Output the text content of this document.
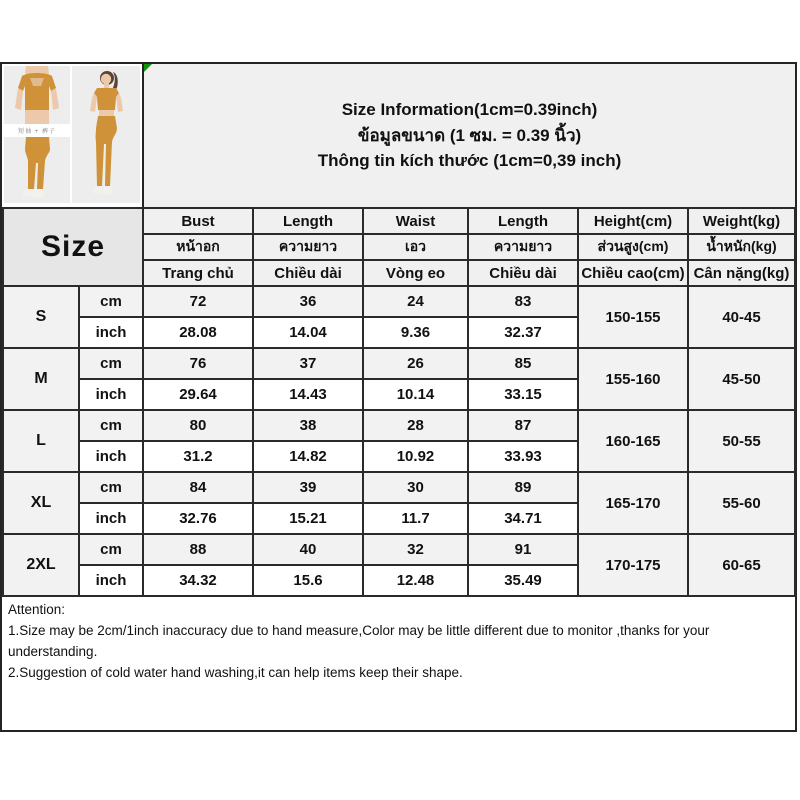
短袖 + 裤子
Size Information(1cm=0.39inch)
ข้อมูลขนาด (1 ซม. = 0.39 นิ้ว)
Thông tin kích thước (1cm=0,39 inch)
Size		Bust	Length	Waist	Length	Height(cm)	Weight(kg)
		หน้าอก	ความยาว	เอว	ความยาว	ส่วนสูง(cm)	น้ำหนัก(kg)
		Trang chủ	Chiều dài	Vòng eo	Chiều dài	Chiều cao(cm)	Cân nặng(kg)
S	cm	72	36	24	83	150-155	40-45
	inch	28.08	14.04	9.36	32.37		
M	cm	76	37	26	85	155-160	45-50
	inch	29.64	14.43	10.14	33.15		
L	cm	80	38	28	87	160-165	50-55
	inch	31.2	14.82	10.92	33.93		
XL	cm	84	39	30	89	165-170	55-60
	inch	32.76	15.21	11.7	34.71		
2XL	cm	88	40	32	91	170-175	60-65
	inch	34.32	15.6	12.48	35.49		
Attention:
1.Size may be 2cm/1inch inaccuracy due to hand measure,Color may be little different due to monitor ,thanks for your understanding.
2.Suggestion of cold water hand washing,it can help items keep their shape.
